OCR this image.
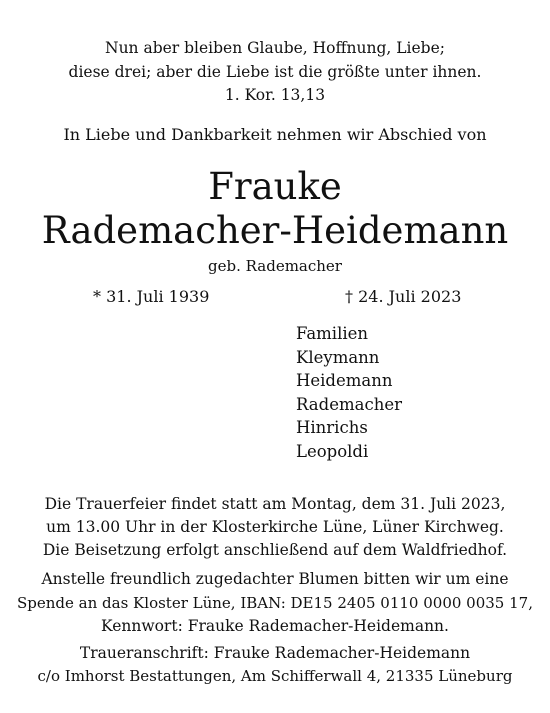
Nun aber bleiben Glaube, Hoffnung, Liebe;
diese drei; aber die Liebe ist die größte unter ihnen.
1. Kor. 13,13
In Liebe und Dankbarkeit nehmen wir Abschied von
Frauke
Rademacher-Heidemann
geb. Rademacher
* 31. Juli 1939	† 24. Juli 2023
Familien
Kleymann
Heidemann
Rademacher
Hinrichs
Leopoldi
Die Trauerfeier findet statt am Montag, dem 31. Juli 2023,
um 13.00 Uhr in der Klosterkirche Lüne, Lüner Kirchweg.
Die Beisetzung erfolgt anschließend auf dem Waldfriedhof.
Anstelle freundlich zugedachter Blumen bitten wir um eine
Spende an das Kloster Lüne, IBAN: DE15 2405 0110 0000 0035 17,
Kennwort: Frauke Rademacher-Heidemann.
Traueranschrift: Frauke Rademacher-Heidemann
c/o Imhorst Bestattungen, Am Schifferwall 4, 21335 Lüneburg
